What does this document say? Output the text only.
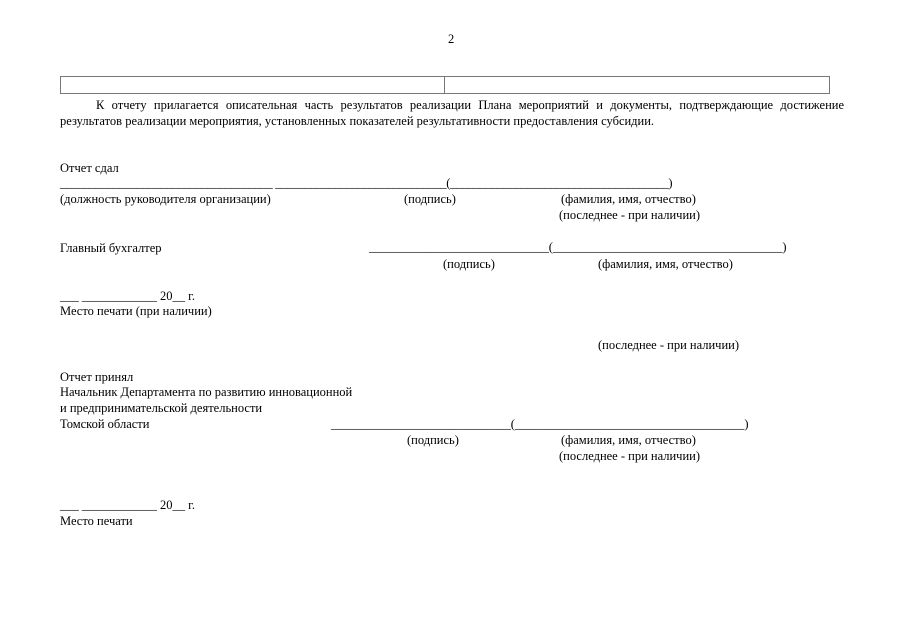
2
К отчету прилагается описательная часть результатов реализации Плана мероприятий и документы, подтверждающие достижение результатов реализации мероприятия, установленных показателей результативности предоставления субсидии.
Отчет сдал
____________________________________ _____________________________(_____________________________________)
(должность руководителя организации)	(подпись)	(фамилия, имя, отчество)
(последнее - при наличии)
Главный бухгалтер	_____________________________(_____________________________________)
(подпись)	(фамилия, имя, отчество)
___ ____________ 20__ г.
Место печати (при наличии)
(последнее - при наличии)
Отчет принял
Начальник Департамента по развитию инновационной
и предпринимательской деятельности
Томской области	_____________________________(_____________________________________)
(подпись)	(фамилия, имя, отчество)
(последнее - при наличии)
___ ____________ 20__ г.
Место печати
